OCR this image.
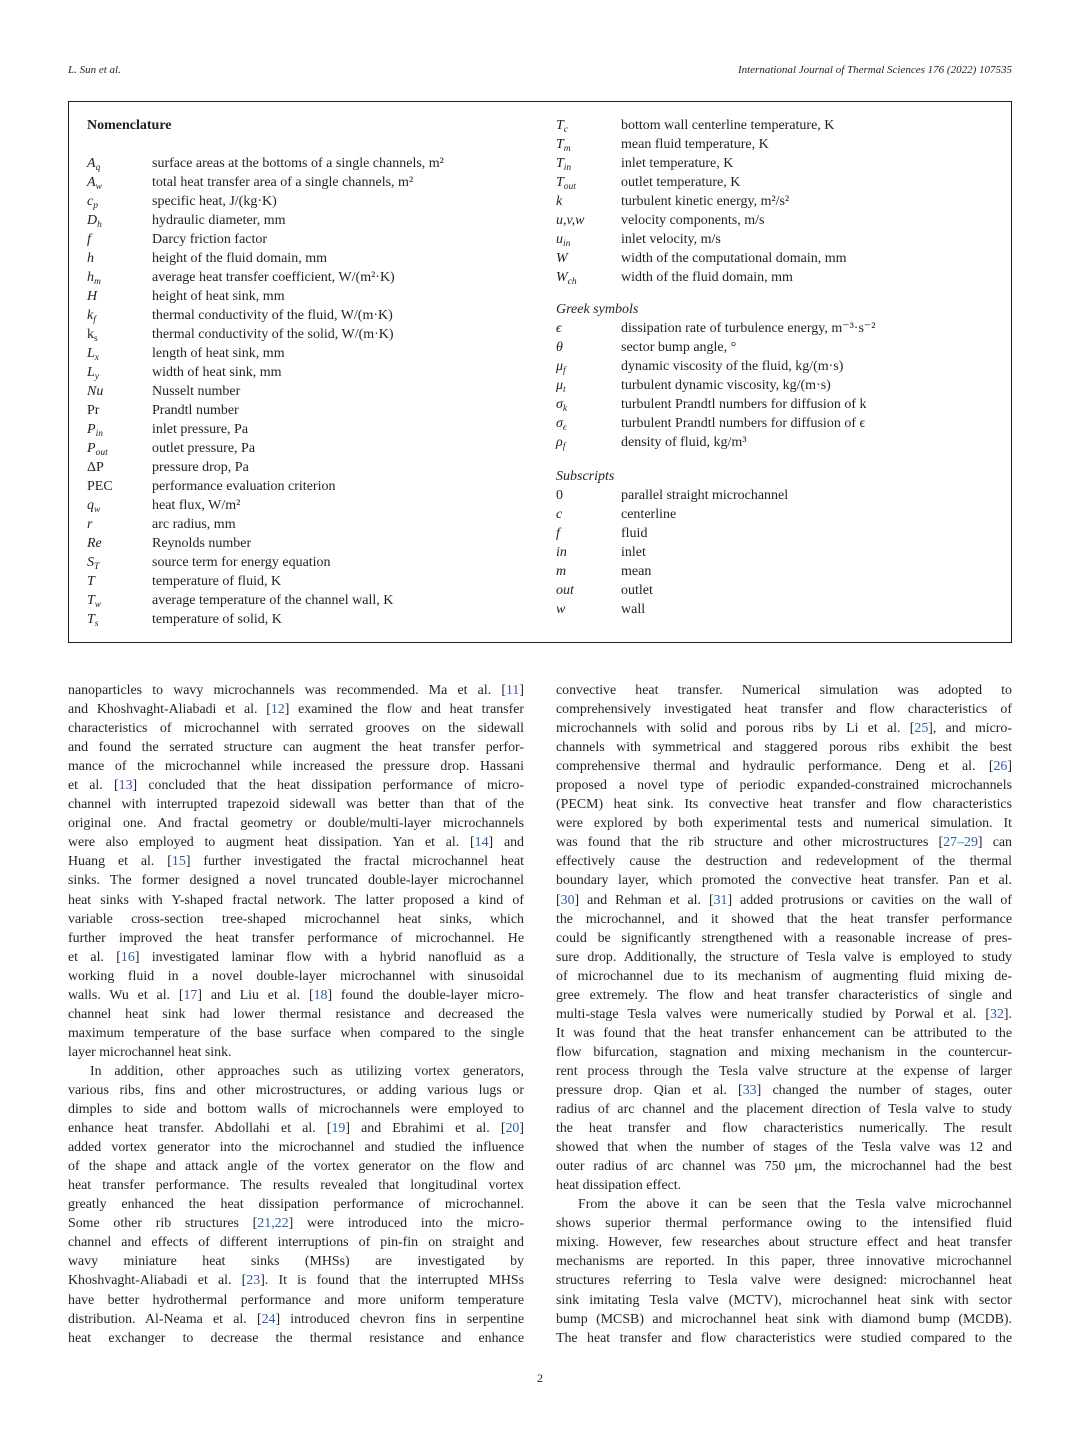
L. Sun et al.	International Journal of Thermal Sciences 176 (2022) 107535
Nomenclature
$A_q$	surface areas at the bottoms of a single channels, m²
$A_w$	total heat transfer area of a single channels, m²
$c_p$	specific heat, J/(kg·K)
$D_h$	hydraulic diameter, mm
f	Darcy friction factor
h	height of the fluid domain, mm
$h_m$	average heat transfer coefficient, W/(m²·K)
H	height of heat sink, mm
$k_f$	thermal conductivity of the fluid, W/(m·K)
$k_s$	thermal conductivity of the solid, W/(m·K)
$L_x$	length of heat sink, mm
$L_y$	width of heat sink, mm
Nu	Nusselt number
Pr	Prandtl number
$P_{in}$	inlet pressure, Pa
$P_{out}$	outlet pressure, Pa
ΔP	pressure drop, Pa
PEC	performance evaluation criterion
$q_w$	heat flux, W/m²
r	arc radius, mm
Re	Reynolds number
$S_T$	source term for energy equation
T	temperature of fluid, K
$T_w$	average temperature of the channel wall, K
$T_s$	temperature of solid, K
$T_c$	bottom wall centerline temperature, K
$T_m$	mean fluid temperature, K
$T_{in}$	inlet temperature, K
$T_{out}$	outlet temperature, K
k	turbulent kinetic energy, m²/s²
u,v,w	velocity components, m/s
$u_{in}$	inlet velocity, m/s
W	width of the computational domain, mm
$W_{ch}$	width of the fluid domain, mm
Greek symbols
ϵ	dissipation rate of turbulence energy, m⁻³·s⁻²
θ	sector bump angle, °
$\mu_f$	dynamic viscosity of the fluid, kg/(m·s)
$\mu_t$	turbulent dynamic viscosity, kg/(m·s)
$\sigma_k$	turbulent Prandtl numbers for diffusion of k
$\sigma_\epsilon$	turbulent Prandtl numbers for diffusion of ϵ
$\rho_f$	density of fluid, kg/m³
Subscripts
0	parallel straight microchannel
c	centerline
f	fluid
in	inlet
m	mean
out	outlet
w	wall
nanoparticles to wavy microchannels was recommended. Ma et al. [11]
and Khoshvaght-Aliabadi et al. [12] examined the flow and heat transfer
characteristics of microchannel with serrated grooves on the sidewall
and found the serrated structure can augment the heat transfer perfor-
mance of the microchannel while increased the pressure drop. Hassani
et al. [13] concluded that the heat dissipation performance of micro-
channel with interrupted trapezoid sidewall was better than that of the
original one. And fractal geometry or double/multi-layer microchannels
were also employed to augment heat dissipation. Yan et al. [14] and
Huang et al. [15] further investigated the fractal microchannel heat
sinks. The former designed a novel truncated double-layer microchannel
heat sinks with Y-shaped fractal network. The latter proposed a kind of
variable cross-section tree-shaped microchannel heat sinks, which
further improved the heat transfer performance of microchannel. He
et al. [16] investigated laminar flow with a hybrid nanofluid as a
working fluid in a novel double-layer microchannel with sinusoidal
walls. Wu et al. [17] and Liu et al. [18] found the double-layer micro-
channel heat sink had lower thermal resistance and decreased the
maximum temperature of the base surface when compared to the single
layer microchannel heat sink.
In addition, other approaches such as utilizing vortex generators,
various ribs, fins and other microstructures, or adding various lugs or
dimples to side and bottom walls of microchannels were employed to
enhance heat transfer. Abdollahi et al. [19] and Ebrahimi et al. [20]
added vortex generator into the microchannel and studied the influence
of the shape and attack angle of the vortex generator on the flow and
heat transfer performance. The results revealed that longitudinal vortex
greatly enhanced the heat dissipation performance of microchannel.
Some other rib structures [21,22] were introduced into the micro-
channel and effects of different interruptions of pin-fin on straight and
wavy miniature heat sinks (MHSs) are investigated by
Khoshvaght-Aliabadi et al. [23]. It is found that the interrupted MHSs
have better hydrothermal performance and more uniform temperature
distribution. Al-Neama et al. [24] introduced chevron fins in serpentine
heat exchanger to decrease the thermal resistance and enhance
convective heat transfer. Numerical simulation was adopted to
comprehensively investigated heat transfer and flow characteristics of
microchannels with solid and porous ribs by Li et al. [25], and micro-
channels with symmetrical and staggered porous ribs exhibit the best
comprehensive thermal and hydraulic performance. Deng et al. [26]
proposed a novel type of periodic expanded-constrained microchannels
(PECM) heat sink. Its convective heat transfer and flow characteristics
were explored by both experimental tests and numerical simulation. It
was found that the rib structure and other microstructures [27–29] can
effectively cause the destruction and redevelopment of the thermal
boundary layer, which promoted the convective heat transfer. Pan et al.
[30] and Rehman et al. [31] added protrusions or cavities on the wall of
the microchannel, and it showed that the heat transfer performance
could be significantly strengthened with a reasonable increase of pres-
sure drop. Additionally, the structure of Tesla valve is employed to study
of microchannel due to its mechanism of augmenting fluid mixing de-
gree extremely. The flow and heat transfer characteristics of single and
multi-stage Tesla valves were numerically studied by Porwal et al. [32].
It was found that the heat transfer enhancement can be attributed to the
flow bifurcation, stagnation and mixing mechanism in the countercur-
rent process through the Tesla valve structure at the expense of larger
pressure drop. Qian et al. [33] changed the number of stages, outer
radius of arc channel and the placement direction of Tesla valve to study
the heat transfer and flow characteristics numerically. The result
showed that when the number of stages of the Tesla valve was 12 and
outer radius of arc channel was 750 μm, the microchannel had the best
heat dissipation effect.
From the above it can be seen that the Tesla valve microchannel
shows superior thermal performance owing to the intensified fluid
mixing. However, few researches about structure effect and heat transfer
mechanisms are reported. In this paper, three innovative microchannel
structures referring to Tesla valve were designed: microchannel heat
sink imitating Tesla valve (MCTV), microchannel heat sink with sector
bump (MCSB) and microchannel heat sink with diamond bump (MCDB).
The heat transfer and flow characteristics were studied compared to the
2
